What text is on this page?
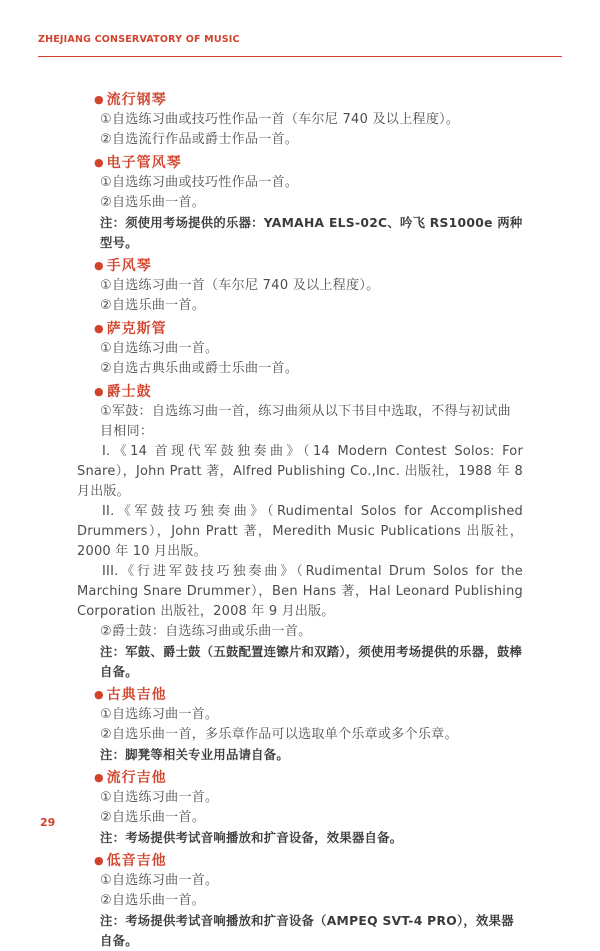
ZHEJIANG CONSERVATORY OF MUSIC
● 流行钢琴
①自选练习曲或技巧性作品一首（车尔尼 740 及以上程度）。
②自选流行作品或爵士作品一首。
● 电子管风琴
①自选练习曲或技巧性作品一首。
②自选乐曲一首。
注：须使用考场提供的乐器：YAMAHA ELS-02C、吟飞 RS1000e 两种型号。
● 手风琴
①自选练习曲一首（车尔尼 740 及以上程度）。
②自选乐曲一首。
● 萨克斯管
①自选练习曲一首。
②自选古典乐曲或爵士乐曲一首。
● 爵士鼓
①军鼓：自选练习曲一首，练习曲须从以下书目中选取，不得与初试曲目相同：
I.《14 首现代军鼓独奏曲》（14 Modern Contest Solos: For Snare），John Pratt 著，Alfred Publishing Co.,Inc. 出版社，1988 年 8 月出版。
II.《军鼓技巧独奏曲》（Rudimental Solos for Accomplished Drummers），John Pratt 著，Meredith Music Publications 出版社，2000 年 10 月出版。
III.《行进军鼓技巧独奏曲》（Rudimental Drum Solos for the Marching Snare Drummer），Ben Hans 著，Hal Leonard Publishing Corporation 出版社，2008 年 9 月出版。
②爵士鼓：自选练习曲或乐曲一首。
注：军鼓、爵士鼓（五鼓配置连镲片和双踏），须使用考场提供的乐器，鼓棒自备。
● 古典吉他
①自选练习曲一首。
②自选乐曲一首，多乐章作品可以选取单个乐章或多个乐章。
注：脚凳等相关专业用品请自备。
● 流行吉他
①自选练习曲一首。
②自选乐曲一首。
注：考场提供考试音响播放和扩音设备，效果器自备。
● 低音吉他
①自选练习曲一首。
②自选乐曲一首。
注：考场提供考试音响播放和扩音设备（AMPEQ SVT-4 PRO），效果器自备。
29
